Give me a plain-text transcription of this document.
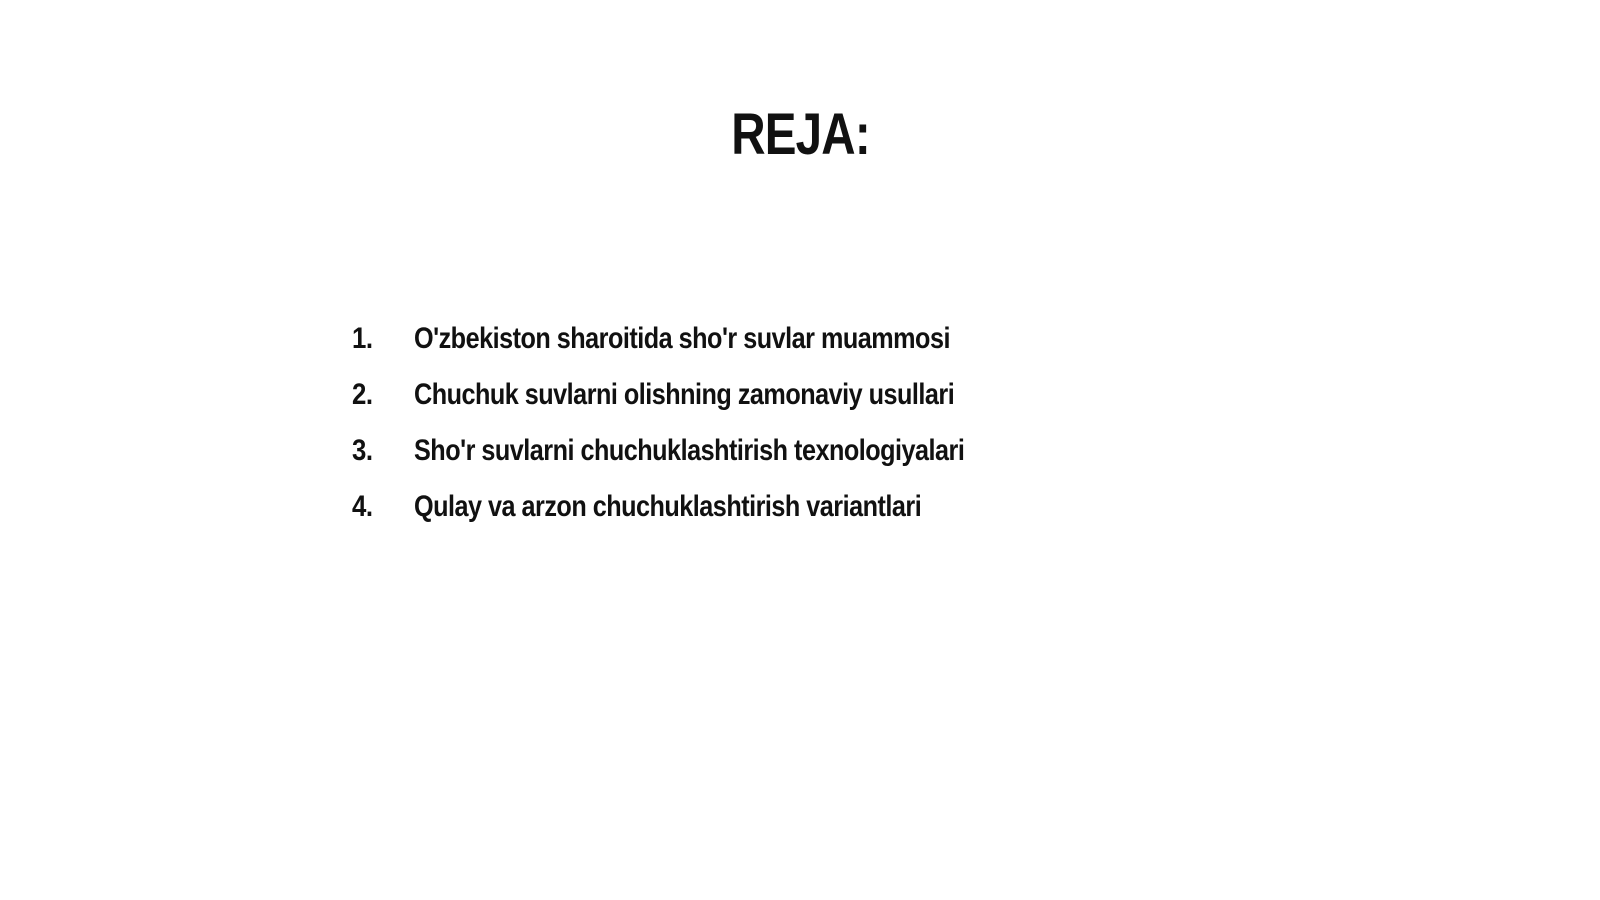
REJA:
1.	O'zbekiston sharoitida sho'r suvlar muammosi
2.	Chuchuk suvlarni olishning zamonaviy usullari
3.	Sho'r suvlarni chuchuklashtirish texnologiyalari
4.	Qulay va arzon chuchuklashtirish variantlari
